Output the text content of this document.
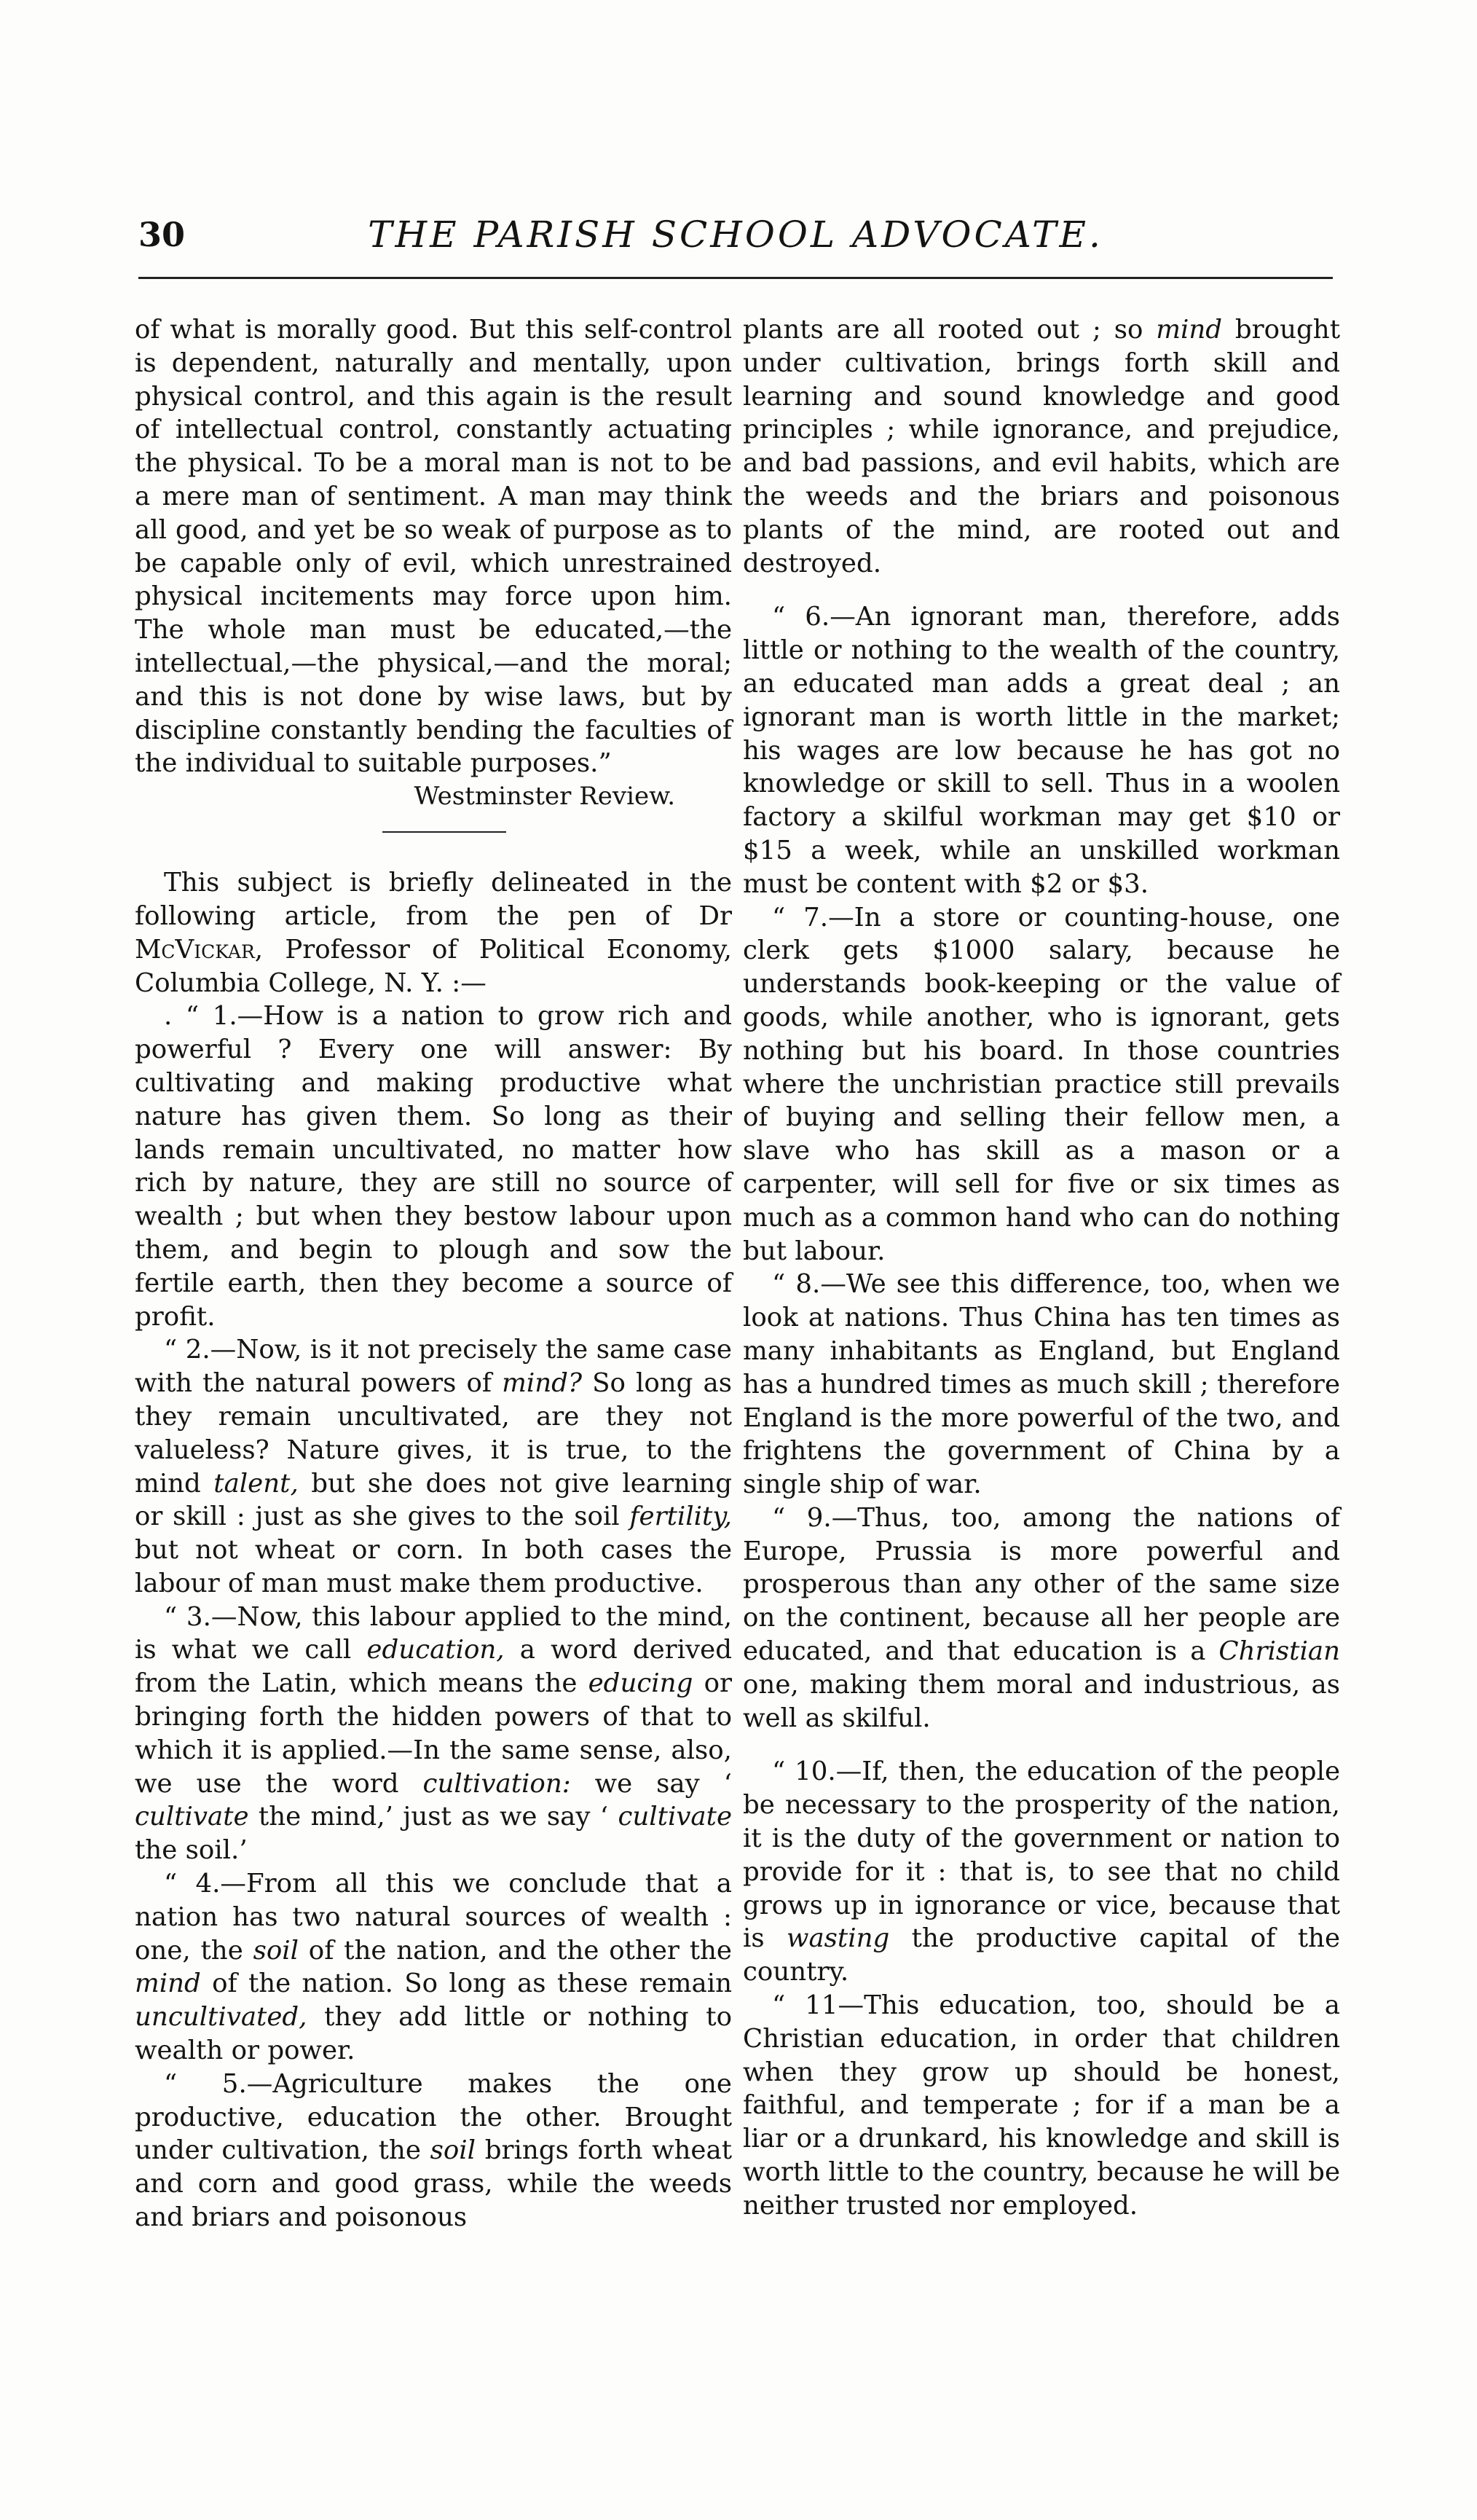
30	THE PARISH SCHOOL ADVOCATE.

of what is morally good. But this self-control is dependent, naturally and mentally, upon physical control, and this again is the result of intellectual control, constantly actuating the physical. To be a moral man is not to be a mere man of sentiment. A man may think all good, and yet be so weak of purpose as to be capable only of evil, which unrestrained physical incitements may force upon him. The whole man must be educated,—the intellectual,—the physical,—and the moral; and this is not done by wise laws, but by discipline constantly bending the faculties of the individual to suitable purposes.”

Westminster Review.

This subject is briefly delineated in the following article, from the pen of Dr McVickar, Professor of Political Economy, Columbia College, N. Y. :—

. “ 1.—How is a nation to grow rich and powerful ? Every one will answer: By cultivating and making productive what nature has given them. So long as their lands remain uncultivated, no matter how rich by nature, they are still no source of wealth ; but when they bestow labour upon them, and begin to plough and sow the fertile earth, then they become a source of profit.

“ 2.—Now, is it not precisely the same case with the natural powers of mind? So long as they remain uncultivated, are they not valueless? Nature gives, it is true, to the mind talent, but she does not give learning or skill : just as she gives to the soil fertility, but not wheat or corn. In both cases the labour of man must make them productive.

“ 3.—Now, this labour applied to the mind, is what we call education, a word derived from the Latin, which means the educing or bringing forth the hidden powers of that to which it is applied.—In the same sense, also, we use the word cultivation: we say ‘ cultivate the mind,’ just as we say ‘ cultivate the soil.’

“ 4.—From all this we conclude that a nation has two natural sources of wealth : one, the soil of the nation, and the other the mind of the nation. So long as these remain uncultivated, they add little or nothing to wealth or power.

“ 5.—Agriculture makes the one productive, education the other. Brought under cultivation, the soil brings forth wheat and corn and good grass, while the weeds and briars and poisonous

plants are all rooted out ; so mind brought under cultivation, brings forth skill and learning and sound knowledge and good principles ; while ignorance, and prejudice, and bad passions, and evil habits, which are the weeds and the briars and poisonous plants of the mind, are rooted out and destroyed.

“ 6.—An ignorant man, therefore, adds little or nothing to the wealth of the country, an educated man adds a great deal ; an ignorant man is worth little in the market; his wages are low because he has got no knowledge or skill to sell. Thus in a woolen factory a skilful workman may get $10 or $15 a week, while an unskilled workman must be content with $2 or $3.

“ 7.—In a store or counting-house, one clerk gets $1000 salary, because he understands book-keeping or the value of goods, while another, who is ignorant, gets nothing but his board. In those countries where the unchristian practice still prevails of buying and selling their fellow men, a slave who has skill as a mason or a carpenter, will sell for five or six times as much as a common hand who can do nothing but labour.

“ 8.—We see this difference, too, when we look at nations. Thus China has ten times as many inhabitants as England, but England has a hundred times as much skill ; therefore England is the more powerful of the two, and frightens the government of China by a single ship of war.

“ 9.—Thus, too, among the nations of Europe, Prussia is more powerful and prosperous than any other of the same size on the continent, because all her people are educated, and that education is a Christian one, making them moral and industrious, as well as skilful.

“ 10.—If, then, the education of the people be necessary to the prosperity of the nation, it is the duty of the government or nation to provide for it : that is, to see that no child grows up in ignorance or vice, because that is wasting the productive capital of the country.

“ 11—This education, too, should be a Christian education, in order that children when they grow up should be honest, faithful, and temperate ; for if a man be a liar or a drunkard, his knowledge and skill is worth little to the country, because he will be neither trusted nor employed.
